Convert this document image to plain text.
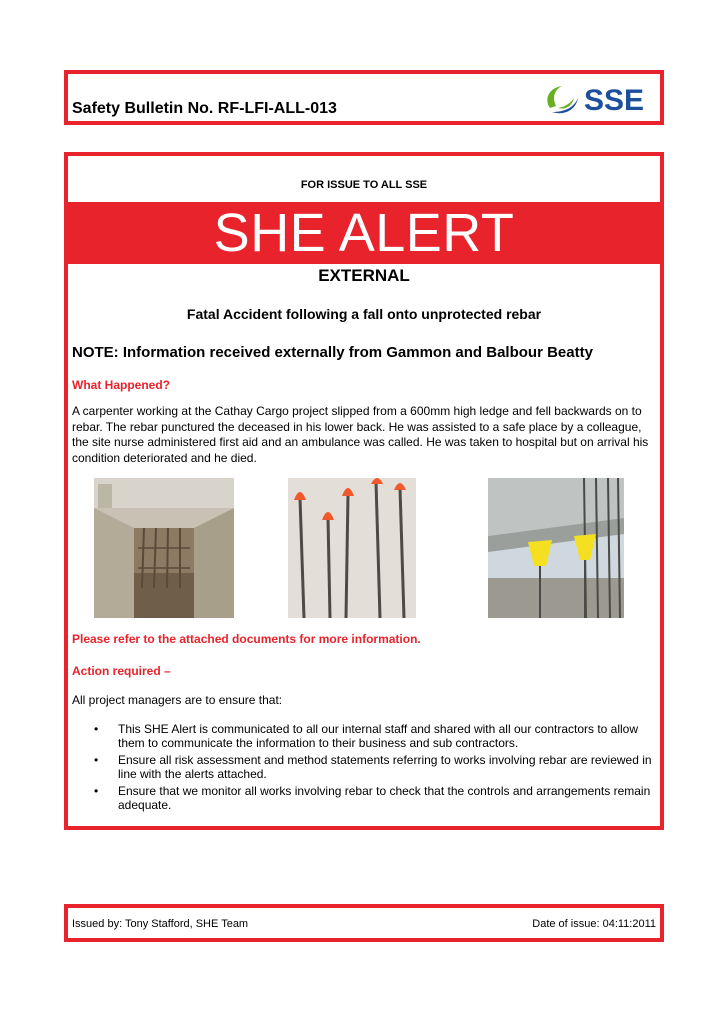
Safety Bulletin No. RF-LFI-ALL-013	SSE
FOR ISSUE TO ALL SSE
SHE ALERT
EXTERNAL
Fatal Accident following a fall onto unprotected rebar
NOTE: Information received externally from Gammon and Balbour Beatty
What Happened?
A carpenter working at the Cathay Cargo project slipped from a 600mm high ledge and fell backwards on to rebar. The rebar punctured the deceased in his lower back. He was assisted to a safe place by a colleague, the site nurse administered first aid and an ambulance was called. He was taken to hospital but on arrival his condition deteriorated and he died.
Please refer to the attached documents for more information.
Action required –
All project managers are to ensure that:
• This SHE Alert is communicated to all our internal staff and shared with all our contractors to allow them to communicate the information to their business and sub contractors.
• Ensure all risk assessment and method statements referring to works involving rebar are reviewed in line with the alerts attached.
• Ensure that we monitor all works involving rebar to check that the controls and arrangements remain adequate.
Issued by: Tony Stafford, SHE Team	Date of issue: 04:11:2011
